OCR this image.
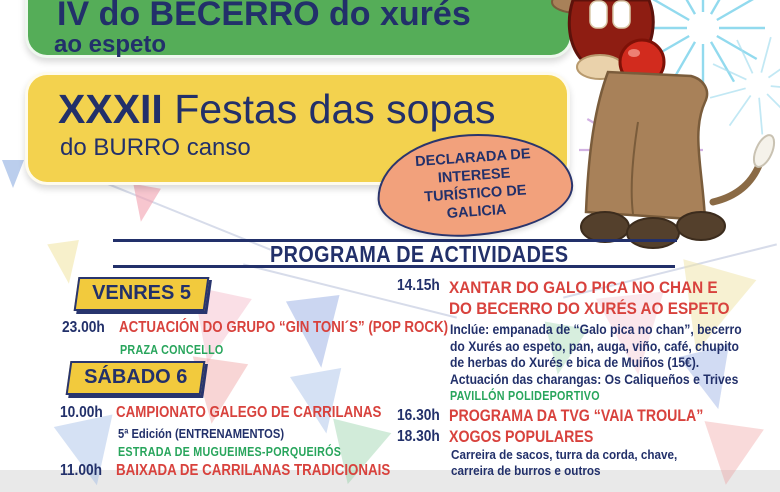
IV do BECERRO do xurés
ao espeto
XXXII Festas das sopas
do BURRO canso	DECLARADA DE
INTERESE
TURÍSTICO DE
GALICIA
PROGRAMA DE ACTIVIDADES
VENRES 5
23.00h ACTUACIÓN DO GRUPO “GIN TONI´S” (POP ROCK)
PRAZA CONCELLO
SÁBADO 6
10.00h CAMPIONATO GALEGO DE CARRILANAS
5ª Edición (ENTRENAMENTOS)
ESTRADA DE MUGUEIMES-PORQUEIRÓS
11.00h BAIXADA DE CARRILANAS TRADICIONAIS
14.15h XANTAR DO GALO PICA NO CHAN E
DO BECERRO DO XURÉS AO ESPETO
Inclúe: empanada de “Galo pica no chan”, becerro
do Xurés ao espeto, pan, auga, viño, café, chupito
de herbas do Xurés e bica de Muiños (15€).
Actuación das charangas: Os Caliqueños e Trives
PAVILLÓN POLIDEPORTIVO
16.30h PROGRAMA DA TVG “VAIA TROULA”
18.30h XOGOS POPULARES
Carreira de sacos, turra da corda, chave,
carreira de burros e outros
